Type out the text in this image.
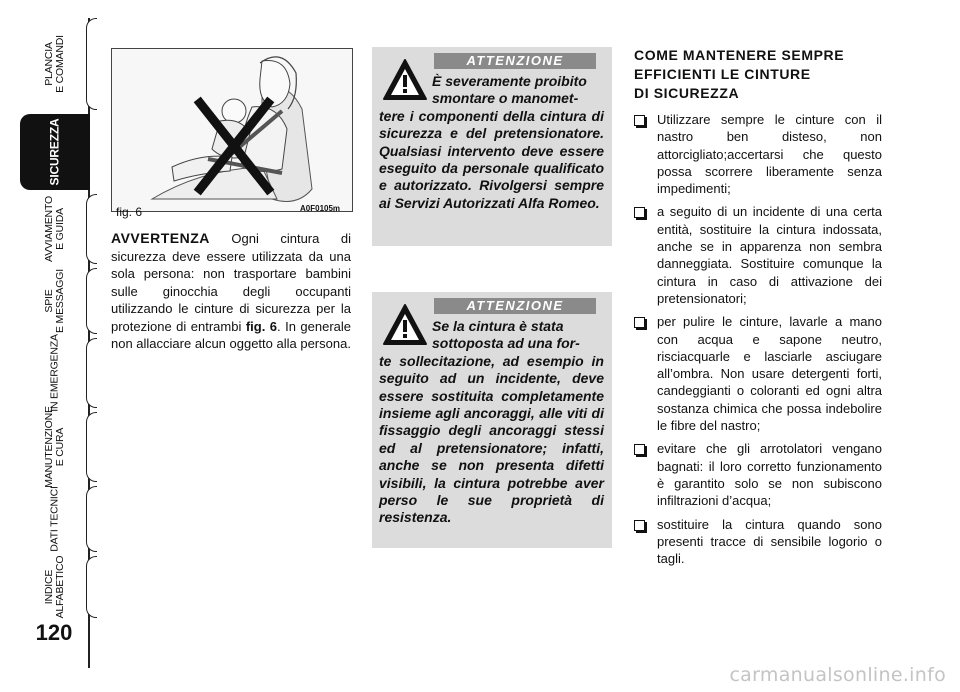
PLANCIA
E COMANDI
SICUREZZA
AVVIAMENTO
E GUIDA
SPIE
E MESSAGGI
IN EMERGENZA
MANUTENZIONE
E CURA
DATI TECNICI
INDICE
ALFABETICO
120
fig. 6	A0F0105m
AVVERTENZA Ogni cintura di sicurezza deve essere utilizzata da una sola persona: non trasportare bambini sulle ginocchia degli occupanti utilizzando le cinture di sicurezza per la protezione di entrambi fig. 6. In generale non allacciare alcun oggetto alla persona.
ATTENZIONE
È severamente proibito
smontare o manomet-
tere i componenti della cintura di sicurezza e del pretensionatore. Qualsiasi intervento deve essere eseguito da personale qualificato e autorizzato. Rivolgersi sempre ai Servizi Autorizzati Alfa Romeo.
ATTENZIONE
Se la cintura è stata
sottoposta ad una for-
te sollecitazione, ad esempio in seguito ad un incidente, deve essere sostituita completamente insieme agli ancoraggi, alle viti di fissaggio degli ancoraggi stessi ed al pretensionatore; infatti, anche se non presenta difetti visibili, la cintura potrebbe aver perso le sue proprietà di resistenza.
COME MANTENERE SEMPRE
EFFICIENTI LE CINTURE
DI SICUREZZA
Utilizzare sempre le cinture con il nastro ben disteso, non attorcigliato;accertarsi che questo possa scorrere liberamente senza impedimenti;
a seguito di un incidente di una certa entità, sostituire la cintura indossata, anche se in apparenza non sembra danneggiata. Sostituire comunque la cintura in caso di attivazione dei pretensionatori;
per pulire le cinture, lavarle a mano con acqua e sapone neutro, risciacquarle e lasciarle asciugare all’ombra. Non usare detergenti forti, candeggianti o coloranti ed ogni altra sostanza chimica che possa indebolire le fibre del nastro;
evitare che gli arrotolatori vengano bagnati: il loro corretto funzionamento è garantito solo se non subiscono infiltrazioni d’acqua;
sostituire la cintura quando sono presenti tracce di sensibile logorio o tagli.
carmanualsonline.info
